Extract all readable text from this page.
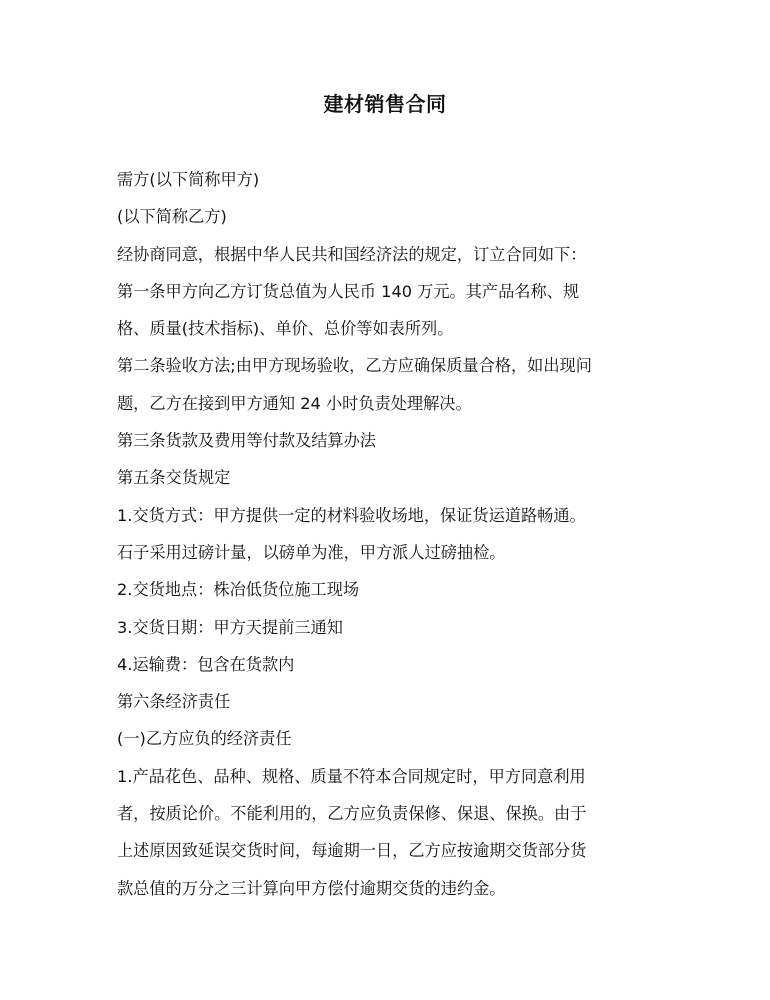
建材销售合同
需方(以下简称甲方)
(以下简称乙方)
经协商同意，根据中华人民共和国经济法的规定，订立合同如下：
第一条甲方向乙方订货总值为人民币 140 万元。其产品名称、规
格、质量(技术指标)、单价、总价等如表所列。
第二条验收方法;由甲方现场验收，乙方应确保质量合格，如出现问
题，乙方在接到甲方通知 24 小时负责处理解决。
第三条货款及费用等付款及结算办法
第五条交货规定
1.交货方式：甲方提供一定的材料验收场地，保证货运道路畅通。
石子采用过磅计量，以磅单为准，甲方派人过磅抽检。
2.交货地点：株冶低货位施工现场
3.交货日期：甲方天提前三通知
4.运输费：包含在货款内
第六条经济责任
(一)乙方应负的经济责任
1.产品花色、品种、规格、质量不符本合同规定时，甲方同意利用
者，按质论价。不能利用的，乙方应负责保修、保退、保换。由于
上述原因致延误交货时间，每逾期一日，乙方应按逾期交货部分货
款总值的万分之三计算向甲方偿付逾期交货的违约金。
